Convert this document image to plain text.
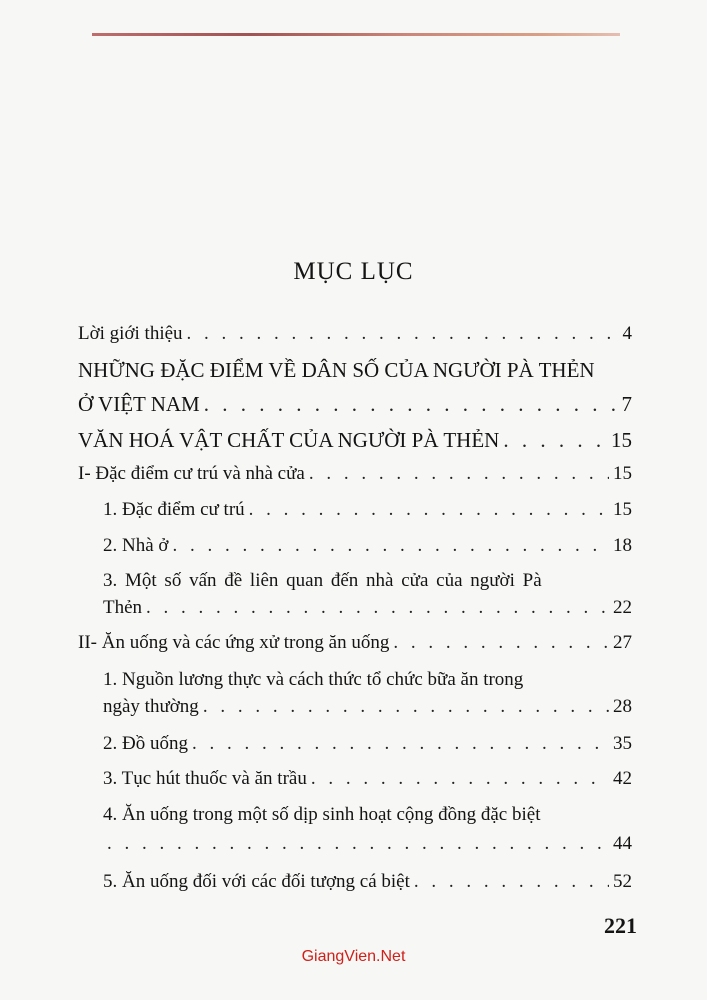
MỤC LỤC
Lời giới thiệu . . .	4
NHỮNG ĐẶC ĐIỂM VỀ DÂN SỐ CỦA NGƯỜI PÀ THẺN
Ở VIỆT NAM . . .	7
VĂN HOÁ VẬT CHẤT CỦA NGƯỜI PÀ THẺN . . .	15
I- Đặc điểm cư trú và nhà cửa . . .	15
1. Đặc điểm cư trú . . .	15
2. Nhà ở . . .	18
3. Một số vấn đề liên quan đến nhà cửa của người Pà
Thẻn . . .	22
II- Ăn uống và các ứng xử trong ăn uống . . .	27
1. Nguồn lương thực và cách thức tổ chức bữa ăn trong
ngày thường . . .	28
2. Đồ uống . . .	35
3. Tục hút thuốc và ăn trầu . . .	42
4. Ăn uống trong một số dịp sinh hoạt cộng đồng đặc biệt
. . .
44
5. Ăn uống đối với các đối tượng cá biệt . . .	52
221
GiangVien.Net
